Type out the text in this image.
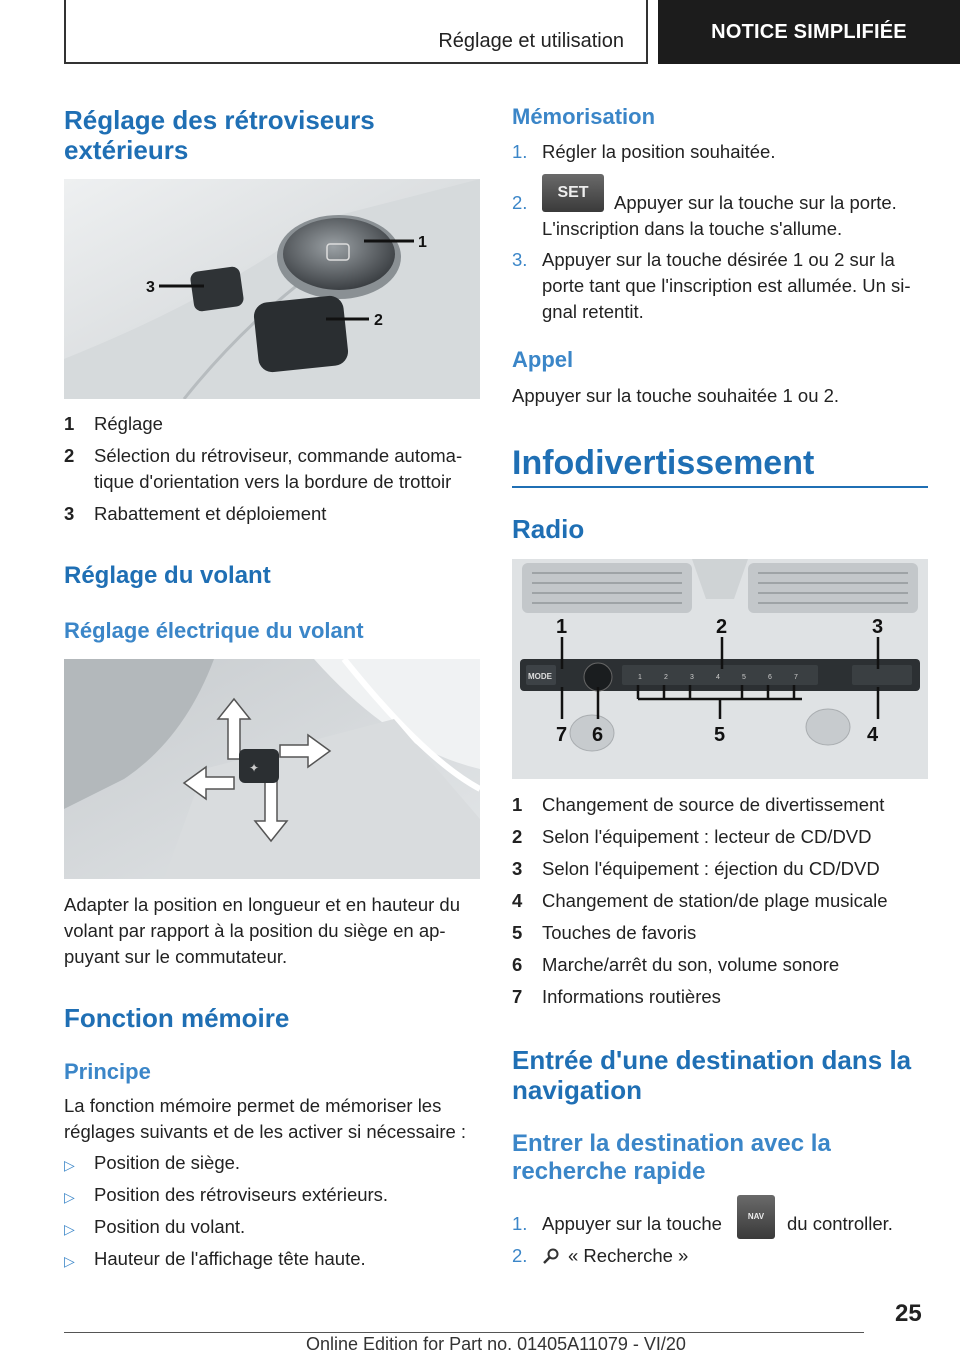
Réglage et utilisation	NOTICE SIMPLIFIÉE
Réglage des rétroviseurs
extérieurs
1
2
3
1 Réglage
2 Sélection du rétroviseur, commande automa-
tique d'orientation vers la bordure de trottoir
3 Rabattement et déploiement
Réglage du volant
Réglage électrique du volant
✦
Adapter la position en longueur et en hauteur du
volant par rapport à la position du siège en ap-
puyant sur le commutateur.
Fonction mémoire
Principe
La fonction mémoire permet de mémoriser les
réglages suivants et de les activer si nécessaire :
▷ Position de siège.
▷ Position des rétroviseurs extérieurs.
▷ Position du volant.
▷ Hauteur de l'affichage tête haute.
Mémorisation
1. Régler la position souhaitée.
2.	SET	Appuyer sur la touche sur la porte.
L'inscription dans la touche s'allume.
3. Appuyer sur la touche désirée 1 ou 2 sur la
porte tant que l'inscription est allumée. Un si-
gnal retentit.
Appel
Appuyer sur la touche souhaitée 1 ou 2.
Infodivertissement
Radio
MODE	1	2	3	4	5	6	7
1	2	3
4
5
6
7
1 Changement de source de divertissement
2 Selon l'équipement : lecteur de CD/DVD
3 Selon l'équipement : éjection du CD/DVD
4 Changement de station/de plage musicale
5 Touches de favoris
6 Marche/arrêt du son, volume sonore
7 Informations routières
Entrée d'une destination dans la
navigation
Entrer la destination avec la
recherche rapide
1. Appuyer sur la touche	NAV	du controller.
2. « Recherche »
25
Online Edition for Part no. 01405A11079 - VI/20
